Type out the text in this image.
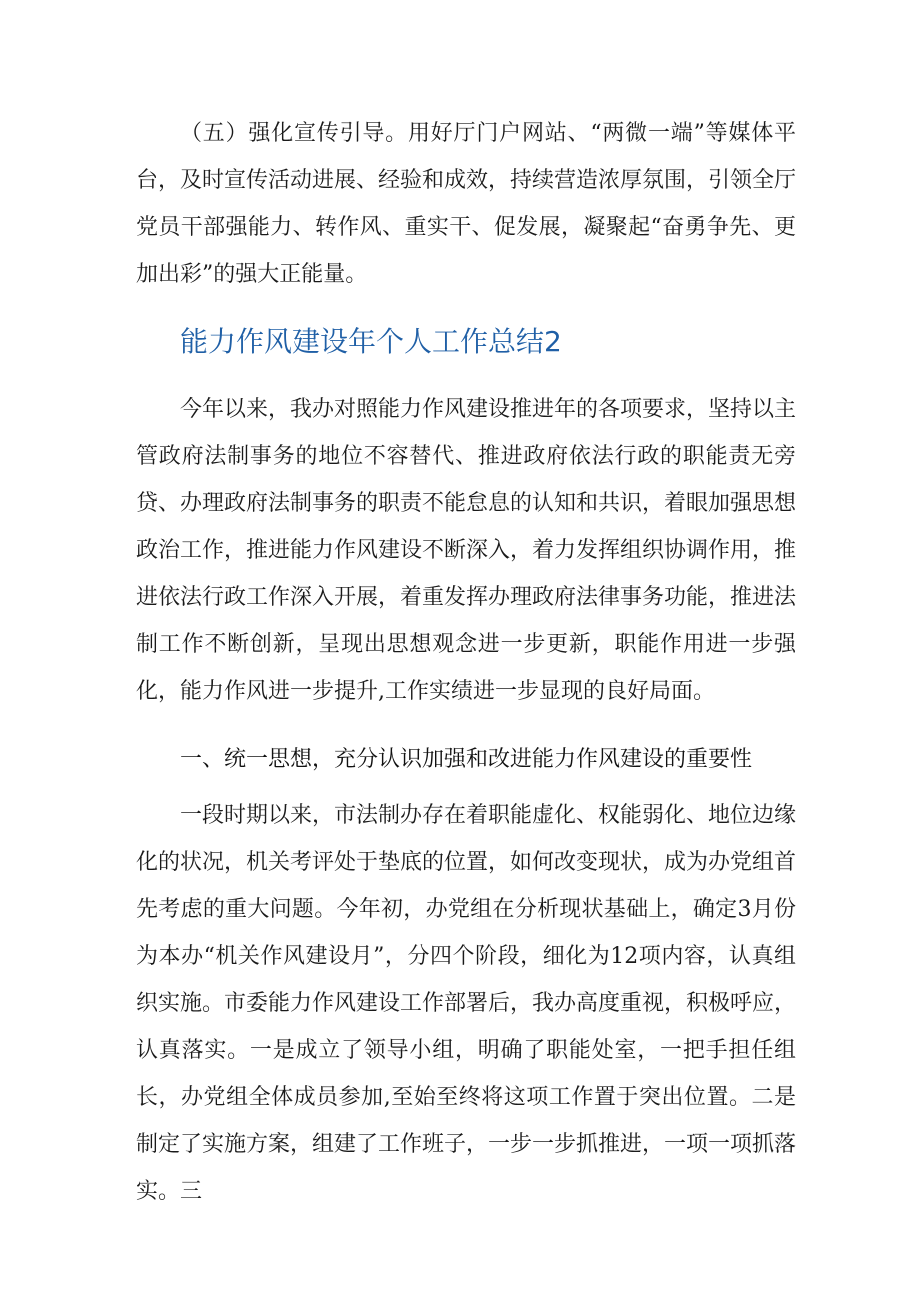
（五）强化宣传引导。用好厅门户网站、“两微一端”等媒体平台，及时宣传活动进展、经验和成效，持续营造浓厚氛围，引领全厅党员干部强能力、转作风、重实干、促发展，凝聚起“奋勇争先、更加出彩”的强大正能量。

能力作风建设年个人工作总结2

今年以来，我办对照能力作风建设推进年的各项要求，坚持以主管政府法制事务的地位不容替代、推进政府依法行政的职能责无旁贷、办理政府法制事务的职责不能怠息的认知和共识，着眼加强思想政治工作，推进能力作风建设不断深入，着力发挥组织协调作用，推进依法行政工作深入开展，着重发挥办理政府法律事务功能，推进法制工作不断创新，呈现出思想观念进一步更新，职能作用进一步强化，能力作风进一步提升,工作实绩进一步显现的良好局面。

一、统一思想，充分认识加强和改进能力作风建设的重要性

一段时期以来，市法制办存在着职能虚化、权能弱化、地位边缘化的状况，机关考评处于垫底的位置，如何改变现状，成为办党组首先考虑的重大问题。今年初，办党组在分析现状基础上，确定3月份为本办“机关作风建设月”，分四个阶段，细化为12项内容，认真组织实施。市委能力作风建设工作部署后，我办高度重视，积极呼应，认真落实。一是成立了领导小组，明确了职能处室，一把手担任组长，办党组全体成员参加,至始至终将这项工作置于突出位置。二是制定了实施方案，组建了工作班子，一步一步抓推进，一项一项抓落实。三
